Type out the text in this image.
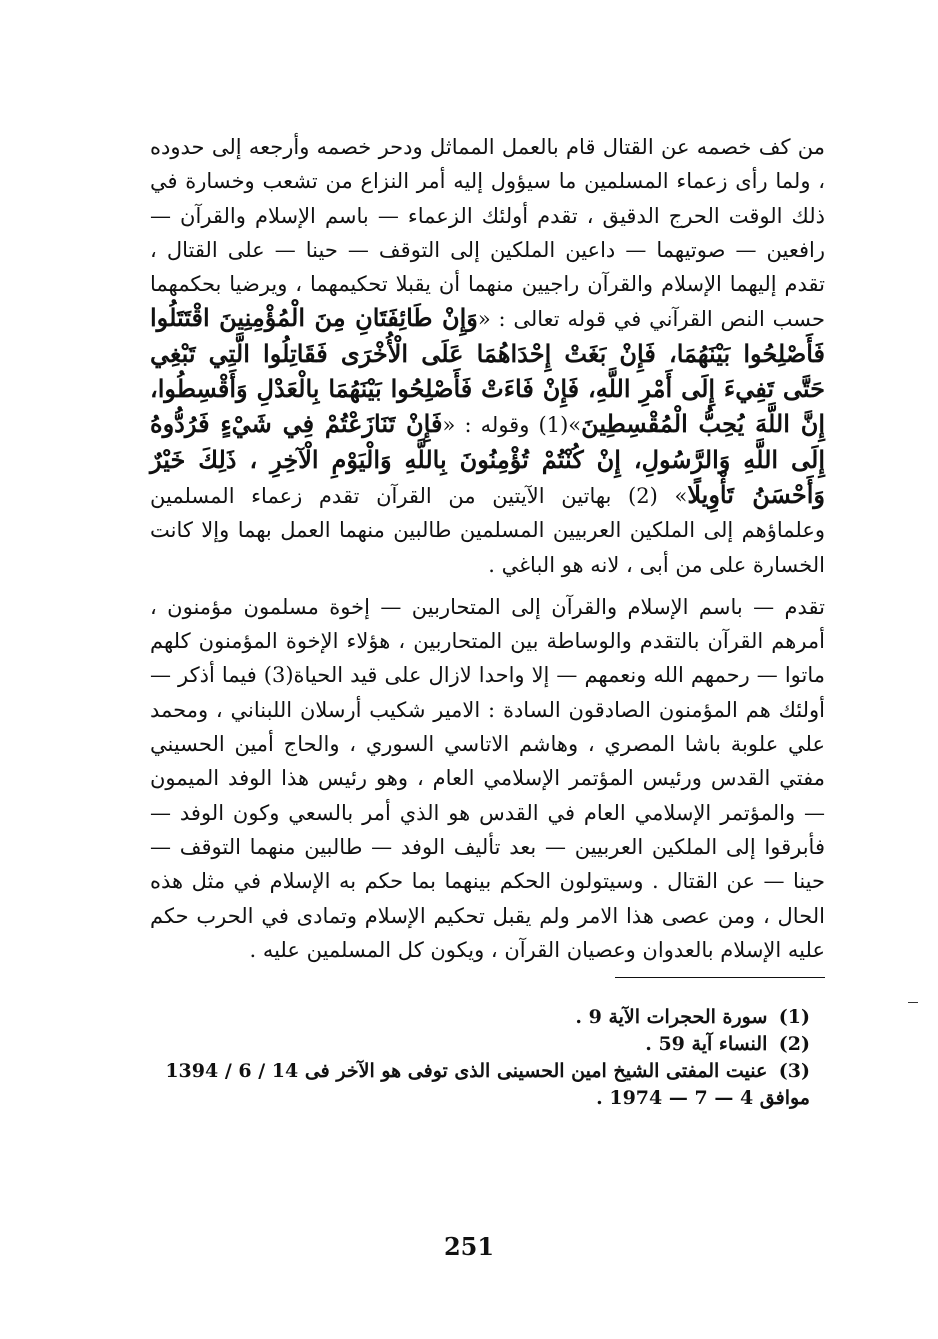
من كف خصمه عن القتال قام بالعمل المماثل ودحر خصمه وأرجعه إلى حدوده ، ولما رأى زعماء المسلمين ما سيؤول إليه أمر النزاع من تشعب وخسارة في ذلك الوقت الحرج الدقيق ، تقدم أولئك الزعماء — باسم الإسلام والقرآن — رافعين — صوتيهما — داعين الملكين إلى التوقف — حينا — على القتال ، تقدم إليهما الإسلام والقرآن راجيين منهما أن يقبلا تحكيمهما ، ويرضيا بحكمهما حسب النص القرآني في قوله تعالى : «وَإِنْ طَائِفَتَانِ مِنَ الْمُؤْمِنِينَ اقْتَتَلُوا فَأَصْلِحُوا بَيْنَهُمَا، فَإِنْ بَغَتْ إِحْدَاهُمَا عَلَى الْأُخْرَى فَقَاتِلُوا الَّتِي تَبْغِي حَتَّى تَفِيءَ إِلَى أَمْرِ اللَّهِ، فَإِنْ فَاءَتْ فَأَصْلِحُوا بَيْنَهُمَا بِالْعَدْلِ وَأَقْسِطُوا، إِنَّ اللَّهَ يُحِبُّ الْمُقْسِطِينَ»(1) وقوله : «فَإِنْ تَنَازَعْتُمْ فِي شَيْءٍ فَرُدُّوهُ إِلَى اللَّهِ وَالرَّسُولِ، إِنْ كُنْتُمْ تُؤْمِنُونَ بِاللَّهِ وَالْيَوْمِ الْآخِرِ ، ذَلِكَ خَيْرٌ وَأَحْسَنُ تَأْوِيلًا» (2) بهاتين الآيتين من القرآن تقدم زعماء المسلمين وعلماؤهم إلى الملكين العربيين المسلمين طالبين منهما العمل بهما وإلا كانت الخسارة على من أبى ، لانه هو الباغي .

تقدم — باسم الإسلام والقرآن إلى المتحاربين — إخوة مسلمون مؤمنون ، أمرهم القرآن بالتقدم والوساطة بين المتحاربين ، هؤلاء الإخوة المؤمنون كلهم ماتوا — رحمهم الله ونعمهم — إلا واحدا لازال على قيد الحياة(3) فيما أذكر — أولئك هم المؤمنون الصادقون السادة : الامير شكيب أرسلان اللبناني ، ومحمد علي علوبة باشا المصري ، وهاشم الاتاسي السوري ، والحاج أمين الحسيني مفتي القدس ورئيس المؤتمر الإسلامي العام ، وهو رئيس هذا الوفد الميمون — والمؤتمر الإسلامي العام في القدس هو الذي أمر بالسعي وكون الوفد — فأبرقوا إلى الملكين العربيين — بعد تأليف الوفد — طالبين منهما التوقف — حينا — عن القتال . وسيتولون الحكم بينهما بما حكم به الإسلام في مثل هذه الحال ، ومن عصى هذا الامر ولم يقبل تحكيم الإسلام وتمادى في الحرب حكم عليه الإسلام بالعدوان وعصيان القرآن ، ويكون كل المسلمين عليه .

(1) سورة الحجرات الآية 9 .
(2) النساء آية 59 .
(3) عنيت المفتى الشيخ امين الحسينى الذى توفى هو الآخر فى 14 / 6 / 1394 موافق 4 — 7 — 1974 .
251
